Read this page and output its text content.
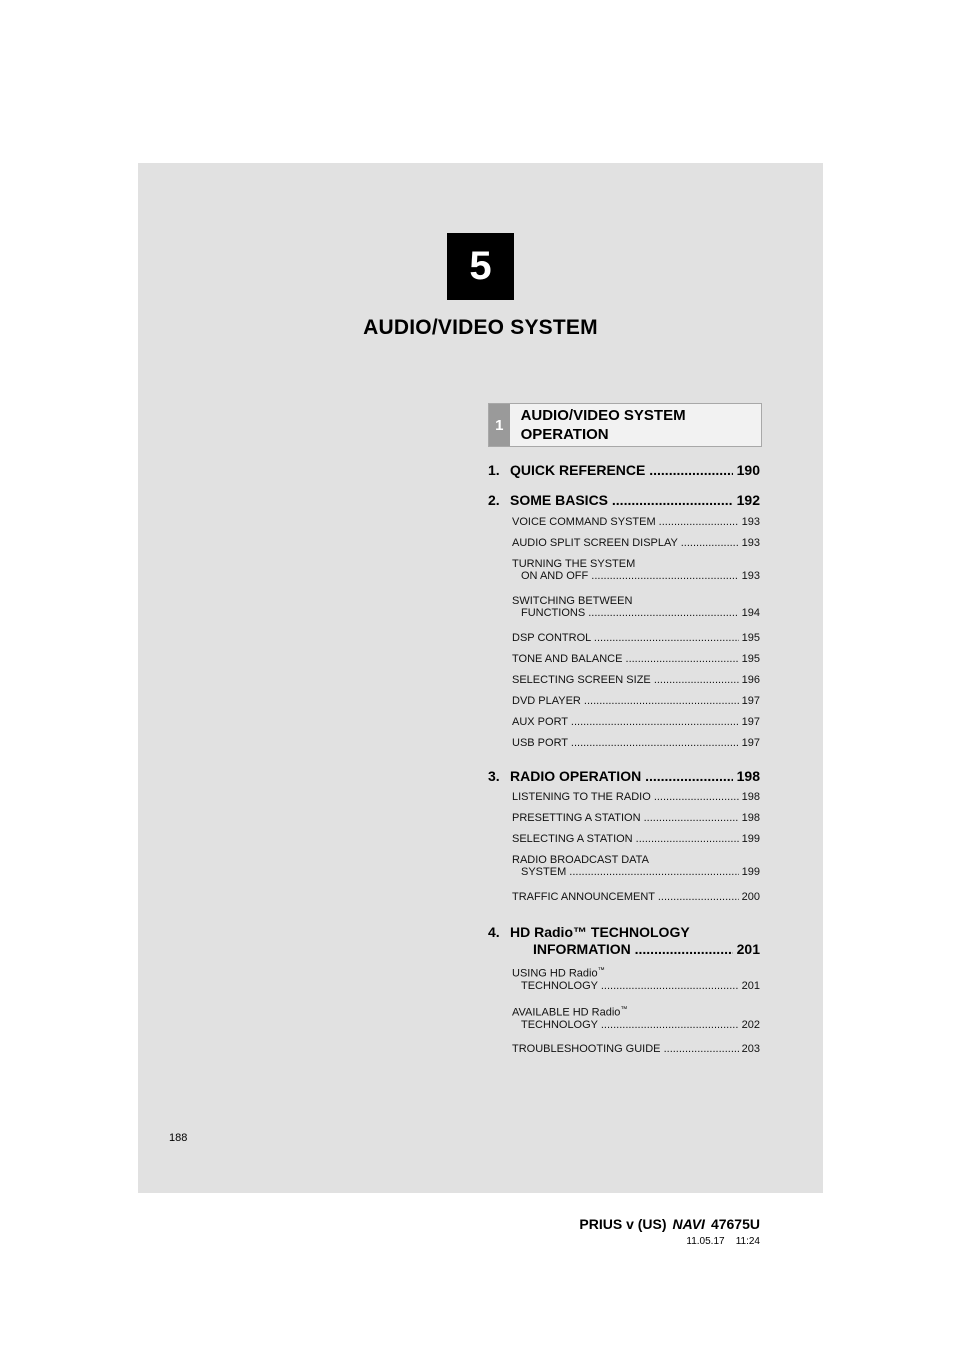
5
AUDIO/VIDEO SYSTEM
1
AUDIO/VIDEO SYSTEM OPERATION
1. QUICK REFERENCE .....	190
2. SOME BASICS .....	192
VOICE COMMAND SYSTEM .....	193
AUDIO SPLIT SCREEN DISPLAY .....	193
TURNING THE SYSTEM
ON AND OFF .....	193
SWITCHING BETWEEN
FUNCTIONS .....	194
DSP CONTROL .....	195
TONE AND BALANCE .....	195
SELECTING SCREEN SIZE .....	196
DVD PLAYER .....	197
AUX PORT .....	197
USB PORT .....	197
3. RADIO OPERATION .....	198
LISTENING TO THE RADIO .....	198
PRESETTING A STATION .....	198
SELECTING A STATION .....	199
RADIO BROADCAST DATA
SYSTEM .....	199
TRAFFIC ANNOUNCEMENT .....	200
4. HD Radio™ TECHNOLOGY
INFORMATION .....	201
USING HD Radio™
TECHNOLOGY .....	201
AVAILABLE HD Radio™
TECHNOLOGY .....	202
TROUBLESHOOTING GUIDE .....	203
188
PRIUS v (US) NAVI 47675U
11.05.17 11:24
